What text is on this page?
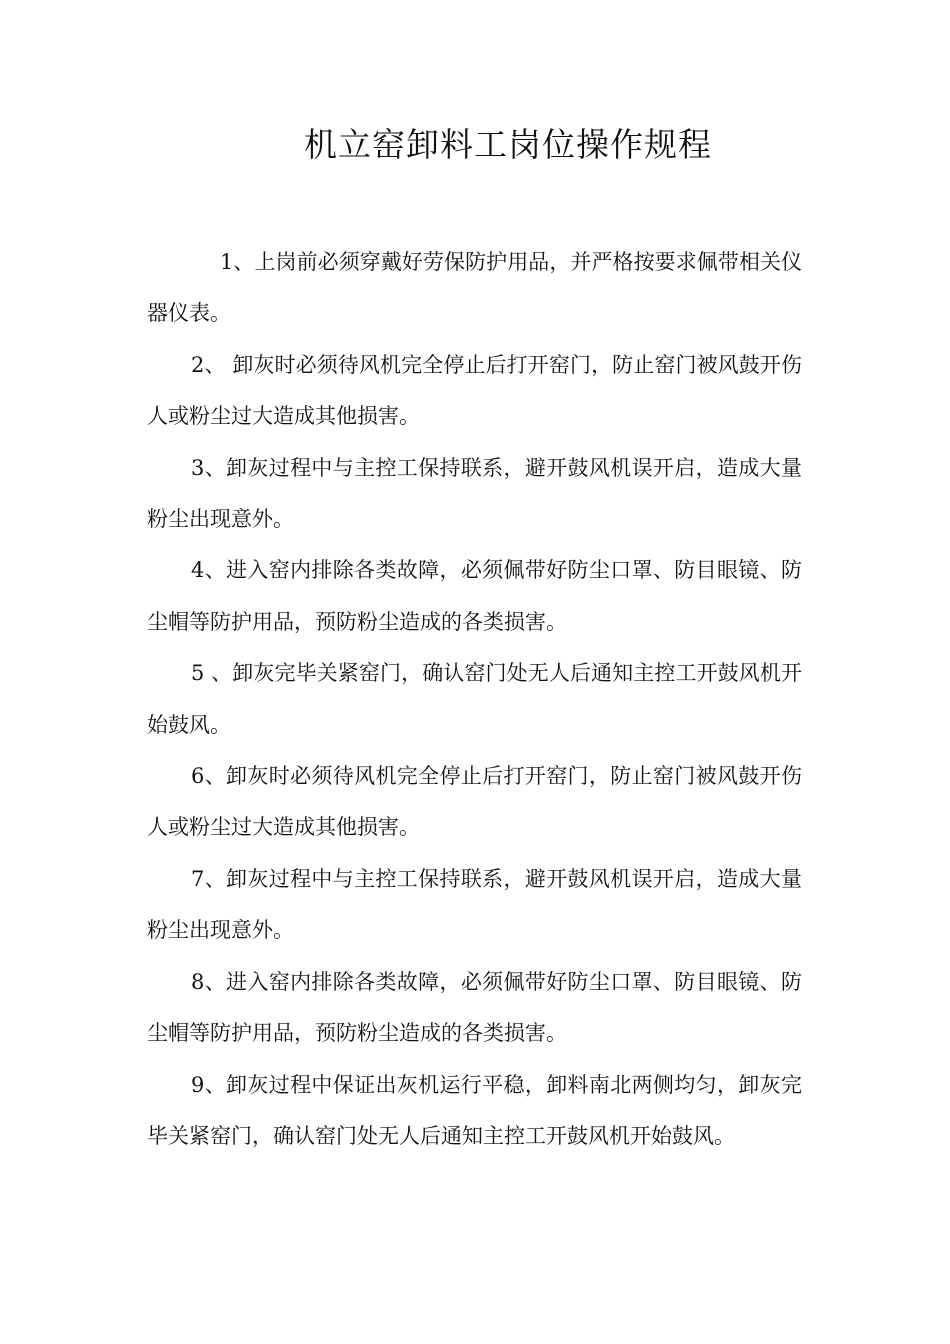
机立窑卸料工岗位操作规程

1、上岗前必须穿戴好劳保防护用品，并严格按要求佩带相关仪器仪表。

2、 卸灰时必须待风机完全停止后打开窑门，防止窑门被风鼓开伤人或粉尘过大造成其他损害。

3、卸灰过程中与主控工保持联系，避开鼓风机误开启，造成大量粉尘出现意外。

4、进入窑内排除各类故障，必须佩带好防尘口罩、防目眼镜、防尘帽等防护用品，预防粉尘造成的各类损害。

5 、卸灰完毕关紧窑门，确认窑门处无人后通知主控工开鼓风机开始鼓风。

6、卸灰时必须待风机完全停止后打开窑门，防止窑门被风鼓开伤人或粉尘过大造成其他损害。

7、卸灰过程中与主控工保持联系，避开鼓风机误开启，造成大量粉尘出现意外。

8、进入窑内排除各类故障，必须佩带好防尘口罩、防目眼镜、防尘帽等防护用品，预防粉尘造成的各类损害。

9、卸灰过程中保证出灰机运行平稳，卸料南北两侧均匀，卸灰完毕关紧窑门，确认窑门处无人后通知主控工开鼓风机开始鼓风。
